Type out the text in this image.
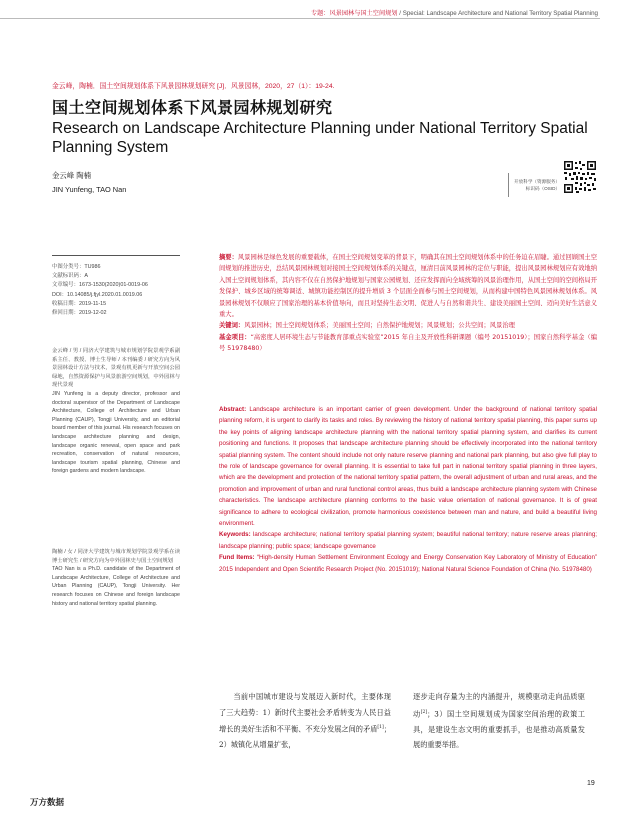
专题：风景园林与国土空间规划 / Special: Landscape Architecture and National Territory Spatial Planning
金云峰，陶楠．国土空间规划体系下风景园林规划研究 [J]．风景园林，2020，27（1）：19-24.
国土空间规划体系下风景园林规划研究
Research on Landscape Architecture Planning under National Territory Spatial Planning System
金云峰 陶楠
JIN Yunfeng, TAO Nan
开放科学（资源服务）
标识码（OSID）
中图分类号：TU986
文献标识码：A
文章编号：1673-1530(2020)01-0019-06
DOI：10.14085/j.fjyl.2020.01.0019.06
收稿日期：2019-11-15
修回日期：2019-12-02
金云峰 / 男 / 同济大学建筑与城市规划学院景观学系副系主任、教授、博士生导师 / 本刊编委 / 研究方向为风景园林设计方法与技术，景观有机更新与开放空间公园绿地，自然资源保护与风景旅游空间规划，中外园林与现代景观
JIN Yunfeng is a deputy director, professor and doctoral supervisor of the Department of Landscape Architecture, College of Architecture and Urban Planning (CAUP), Tongji University, and an editorial board member of this journal. His research focuses on landscape architecture planning and design, landscape organic renewal, open space and park recreation, conservation of natural resources, landscape tourism spatial planning, Chinese and foreign gardens and modern landscape.
陶楠 / 女 / 同济大学建筑与城市规划学院景观学系在读博士研究生 / 研究方向为中外园林史与国土空间规划
TAO Nan is a Ph.D. candidate of the Department of Landscape Architecture, College of Architecture and Urban Planning (CAUP), Tongji University. Her research focuses on Chinese and foreign landscape history and national territory spatial planning.
摘要：风景园林是绿色发展的重要载体，在国土空间规划变革的背景下，明确其在国土空间规划体系中的任务迫在眉睫。通过回顾国土空间规划的推进历史，总结风景园林规划对接国土空间规划体系的关键点，厘清目前风景园林的定位与职能，提出风景园林规划应有效地纳入国土空间规划体系，其内容不仅在自然保护地规划与国家公园规划、还应发挥面向全域统筹的风景治理作用，从国土空间的空间格局开发保护、城乡区域的统筹调适、城镇功能控制区的提升增质 3 个层面全面参与国土空间规划，从而构建中国特色风景园林规划体系。风景园林规划不仅顺应了国家治理的基本价值导向，而且对坚持生态文明、促进人与自然和谐共生、建设美丽国土空间、迈向美好生活意义重大。
关键词：风景园林；国土空间规划体系；美丽国土空间；自然保护地规划；风景规划；公共空间；风景治理
基金项目：“高密度人居环境生态与节能教育部重点实验室”2015 年自主及开放性科研课题（编号 20151019）；国家自然科学基金（编号 51978480）
Abstract: Landscape architecture is an important carrier of green development. Under the background of national territory spatial planning reform, it is urgent to clarify its tasks and roles. By reviewing the history of national territory spatial planning, this paper sums up the key points of aligning landscape architecture planning with the national territory spatial planning system, and clarifies its current positioning and functions. It proposes that landscape architecture planning should be effectively incorporated into the national territory spatial planning system. The content should include not only nature reserve planning and national park planning, but also give full play to the role of landscape governance for overall planning. It is essential to take full part in national territory spatial planning in three layers, which are the development and protection of the national territory spatial pattern, the overall adjustment of urban and rural areas, and the promotion and improvement of urban and rural functional control areas, thus build a landscape architecture planning system with Chinese characteristics. The landscape architecture planning conforms to the basic value orientation of national governance. It is of great significance to adhere to ecological civilization, promote harmonious coexistence between man and nature, and build a beautiful living environment.
Keywords: landscape architecture; national territory spatial planning system; beautiful national territory; nature reserve areas planning; landscape planning; public space; landscape governance
Fund Items: “High-density Human Settlement Environment Ecology and Energy Conservation Key Laboratory of Ministry of Education” 2015 Independent and Open Scientific Research Project (No. 20151019); National Natural Science Foundation of China (No. 51978480)
当前中国城市建设与发展迈入新时代，主要体现了三大趋势：1）新时代主要社会矛盾转变为人民日益增长的美好生活和不平衡、不充分发展之间的矛盾[1]；2）城镇化从增量扩张，
逐步走向存量为主的内涵提升，规模驱动走向品质驱动[2]；3）国土空间规划成为国家空间治理的政策工具，是建设生态文明的重要抓手，也是推动高质量发展的重要举措。
19
万方数据
